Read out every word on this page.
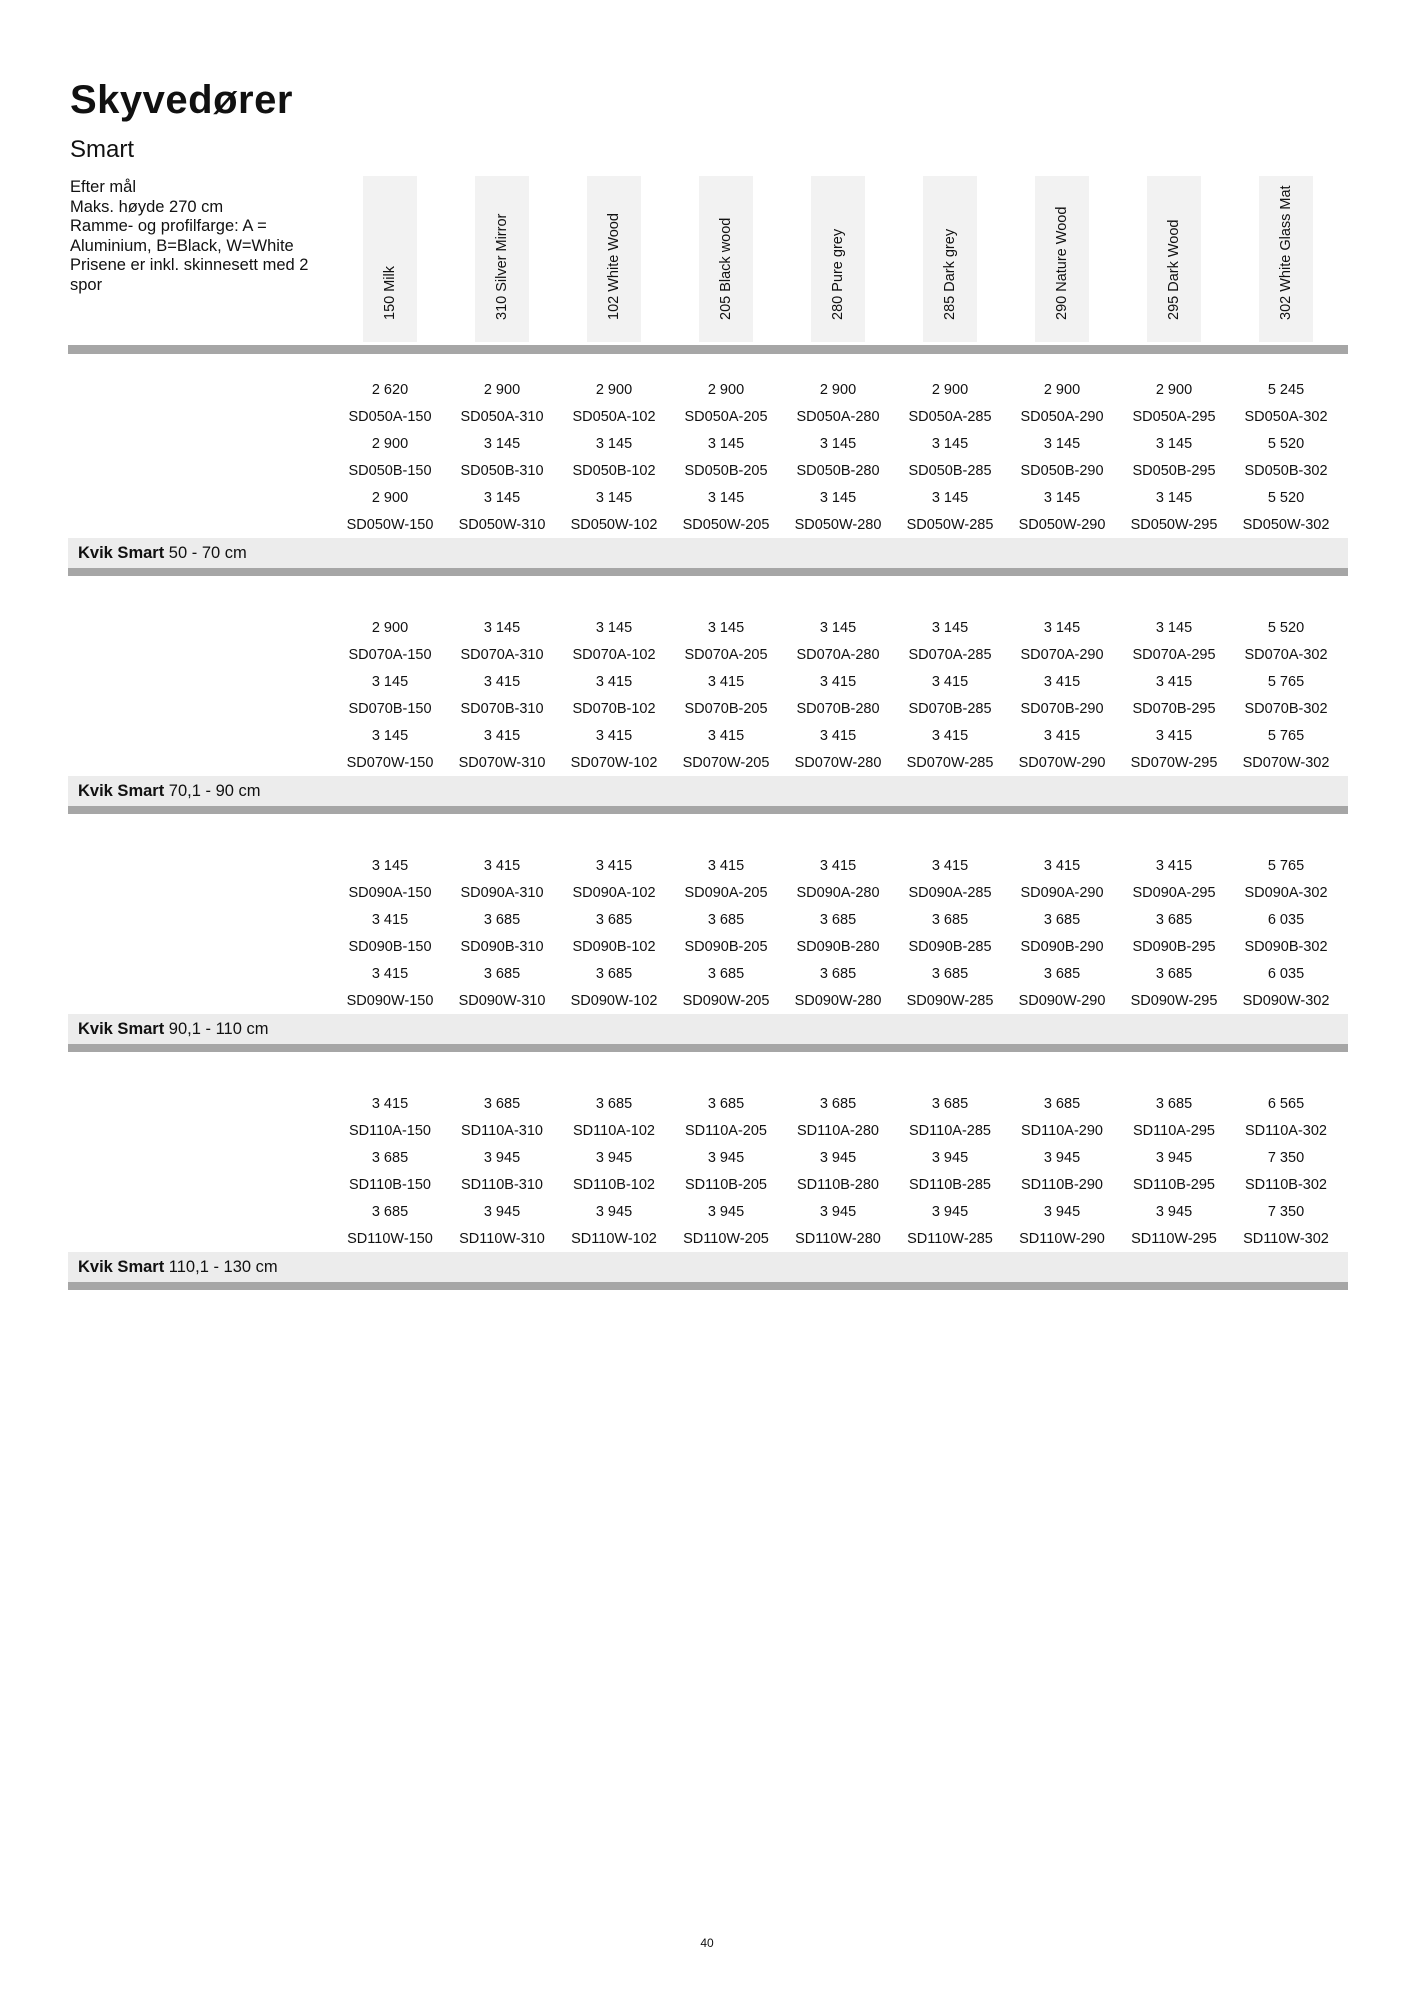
Skyvedører
Smart
Efter mål
Maks. høyde 270 cm
Ramme- og profilfarge: A = Aluminium, B=Black, W=White
Prisene er inkl. skinnesett med 2 spor	150 Milk	310 Silver Mirror	102 White Wood	205 Black wood	280 Pure grey	285 Dark grey	290 Nature Wood	295 Dark Wood	302 White Glass Mat
2 620	2 900	2 900	2 900	2 900	2 900	2 900	2 900	5 245
SD050A-150	SD050A-310	SD050A-102	SD050A-205	SD050A-280	SD050A-285	SD050A-290	SD050A-295	SD050A-302
2 900	3 145	3 145	3 145	3 145	3 145	3 145	3 145	5 520
SD050B-150	SD050B-310	SD050B-102	SD050B-205	SD050B-280	SD050B-285	SD050B-290	SD050B-295	SD050B-302
2 900	3 145	3 145	3 145	3 145	3 145	3 145	3 145	5 520
SD050W-150	SD050W-310	SD050W-102	SD050W-205	SD050W-280	SD050W-285	SD050W-290	SD050W-295	SD050W-302
Kvik Smart 50 - 70 cm
2 900	3 145	3 145	3 145	3 145	3 145	3 145	3 145	5 520
SD070A-150	SD070A-310	SD070A-102	SD070A-205	SD070A-280	SD070A-285	SD070A-290	SD070A-295	SD070A-302
3 145	3 415	3 415	3 415	3 415	3 415	3 415	3 415	5 765
SD070B-150	SD070B-310	SD070B-102	SD070B-205	SD070B-280	SD070B-285	SD070B-290	SD070B-295	SD070B-302
3 145	3 415	3 415	3 415	3 415	3 415	3 415	3 415	5 765
SD070W-150	SD070W-310	SD070W-102	SD070W-205	SD070W-280	SD070W-285	SD070W-290	SD070W-295	SD070W-302
Kvik Smart 70,1 - 90 cm
3 145	3 415	3 415	3 415	3 415	3 415	3 415	3 415	5 765
SD090A-150	SD090A-310	SD090A-102	SD090A-205	SD090A-280	SD090A-285	SD090A-290	SD090A-295	SD090A-302
3 415	3 685	3 685	3 685	3 685	3 685	3 685	3 685	6 035
SD090B-150	SD090B-310	SD090B-102	SD090B-205	SD090B-280	SD090B-285	SD090B-290	SD090B-295	SD090B-302
3 415	3 685	3 685	3 685	3 685	3 685	3 685	3 685	6 035
SD090W-150	SD090W-310	SD090W-102	SD090W-205	SD090W-280	SD090W-285	SD090W-290	SD090W-295	SD090W-302
Kvik Smart 90,1 - 110 cm
3 415	3 685	3 685	3 685	3 685	3 685	3 685	3 685	6 565
SD110A-150	SD110A-310	SD110A-102	SD110A-205	SD110A-280	SD110A-285	SD110A-290	SD110A-295	SD110A-302
3 685	3 945	3 945	3 945	3 945	3 945	3 945	3 945	7 350
SD110B-150	SD110B-310	SD110B-102	SD110B-205	SD110B-280	SD110B-285	SD110B-290	SD110B-295	SD110B-302
3 685	3 945	3 945	3 945	3 945	3 945	3 945	3 945	7 350
SD110W-150	SD110W-310	SD110W-102	SD110W-205	SD110W-280	SD110W-285	SD110W-290	SD110W-295	SD110W-302
Kvik Smart 110,1 - 130 cm
40
